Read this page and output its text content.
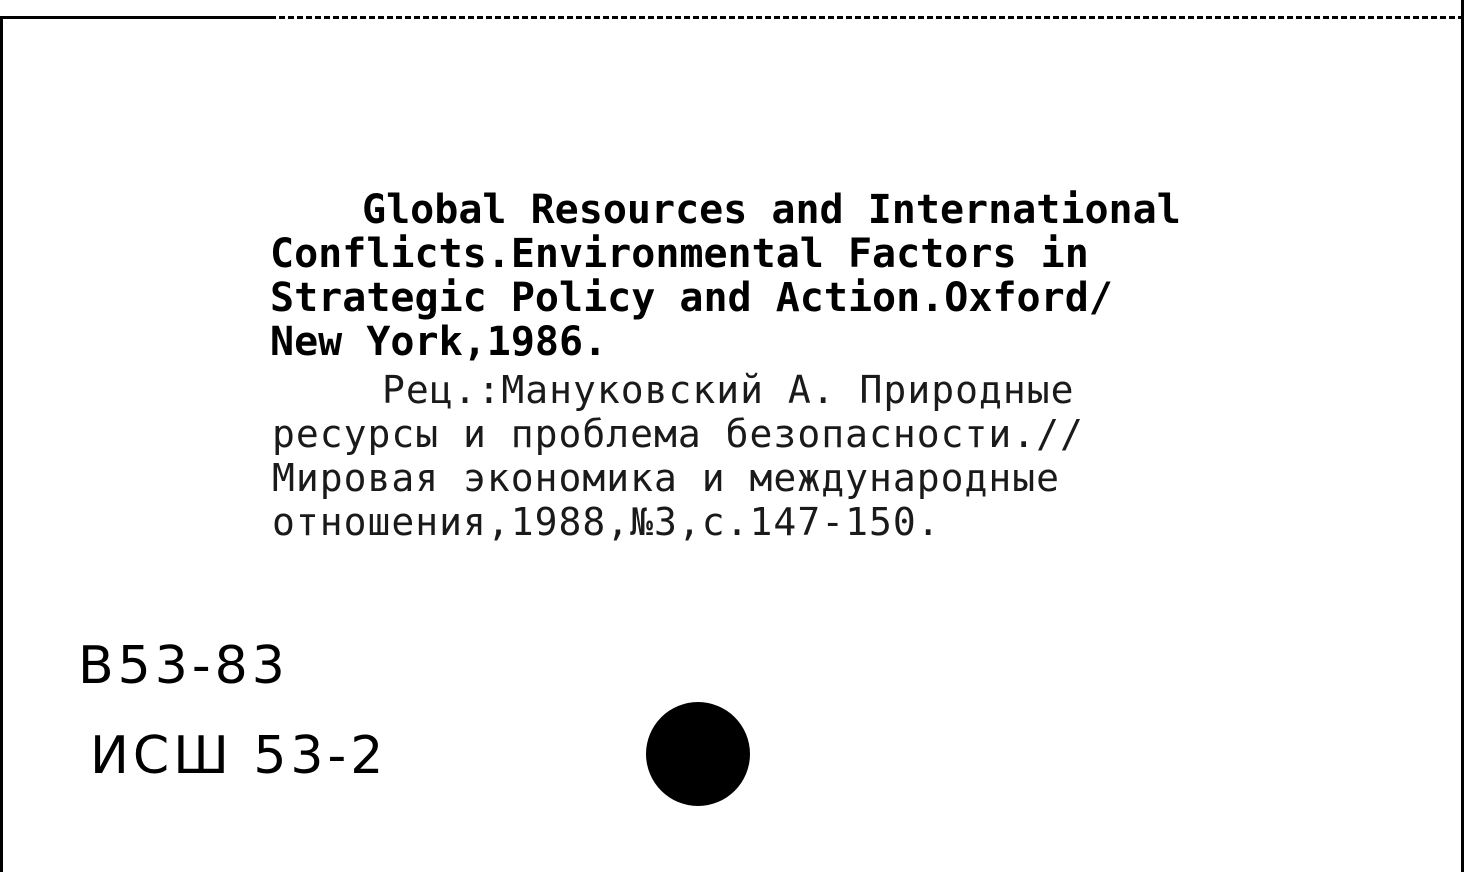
Global Resources and International
Conflicts.Environmental Factors in
Strategic Policy and Action.Oxford/
New York,1986.
Рец.:Мануковский А. Природные
ресурсы и проблема безопасности.//
Мировая экономика и международные
отношения,1988,№3,с.147-150.
B53-83
ИСШ 53-2
